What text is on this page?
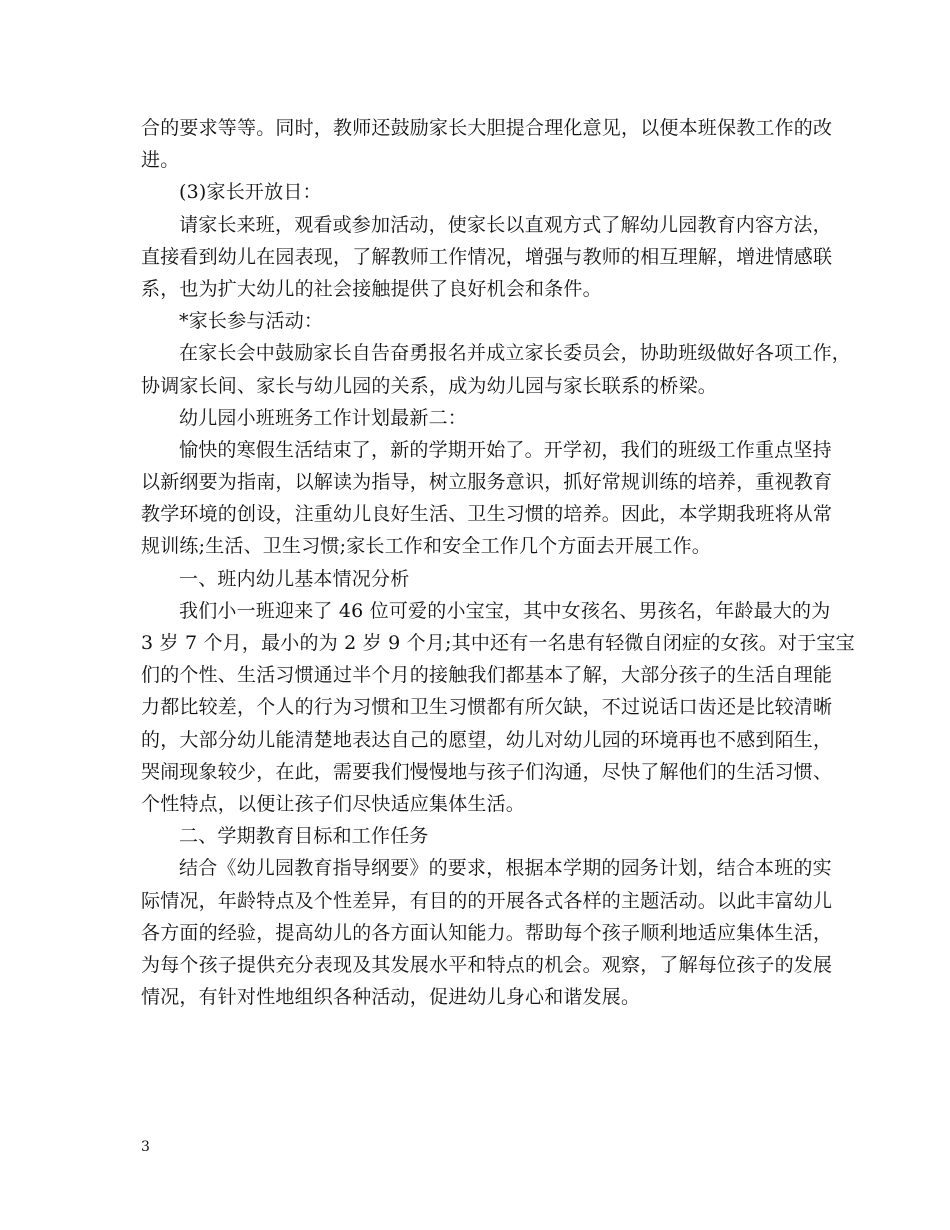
合的要求等等。同时，教师还鼓励家长大胆提合理化意见，以便本班保教工作的改
进。
(3)家长开放日：
请家长来班，观看或参加活动，使家长以直观方式了解幼儿园教育内容方法，
直接看到幼儿在园表现，了解教师工作情况，增强与教师的相互理解，增进情感联
系，也为扩大幼儿的社会接触提供了良好机会和条件。
*家长参与活动：
在家长会中鼓励家长自告奋勇报名并成立家长委员会，协助班级做好各项工作，
协调家长间、家长与幼儿园的关系，成为幼儿园与家长联系的桥梁。
幼儿园小班班务工作计划最新二：
愉快的寒假生活结束了，新的学期开始了。开学初，我们的班级工作重点坚持
以新纲要为指南，以解读为指导，树立服务意识，抓好常规训练的培养，重视教育
教学环境的创设，注重幼儿良好生活、卫生习惯的培养。因此，本学期我班将从常
规训练;生活、卫生习惯;家长工作和安全工作几个方面去开展工作。
一、班内幼儿基本情况分析
我们小一班迎来了 46 位可爱的小宝宝，其中女孩名、男孩名，年龄最大的为
3 岁 7 个月，最小的为 2 岁 9 个月;其中还有一名患有轻微自闭症的女孩。对于宝宝
们的个性、生活习惯通过半个月的接触我们都基本了解，大部分孩子的生活自理能
力都比较差，个人的行为习惯和卫生习惯都有所欠缺，不过说话口齿还是比较清晰
的，大部分幼儿能清楚地表达自己的愿望，幼儿对幼儿园的环境再也不感到陌生，
哭闹现象较少，在此，需要我们慢慢地与孩子们沟通，尽快了解他们的生活习惯、
个性特点，以便让孩子们尽快适应集体生活。
二、学期教育目标和工作任务
结合《幼儿园教育指导纲要》的要求，根据本学期的园务计划，结合本班的实
际情况，年龄特点及个性差异，有目的的开展各式各样的主题活动。以此丰富幼儿
各方面的经验，提高幼儿的各方面认知能力。帮助每个孩子顺利地适应集体生活，
为每个孩子提供充分表现及其发展水平和特点的机会。观察，了解每位孩子的发展
情况，有针对性地组织各种活动，促进幼儿身心和谐发展。
3
